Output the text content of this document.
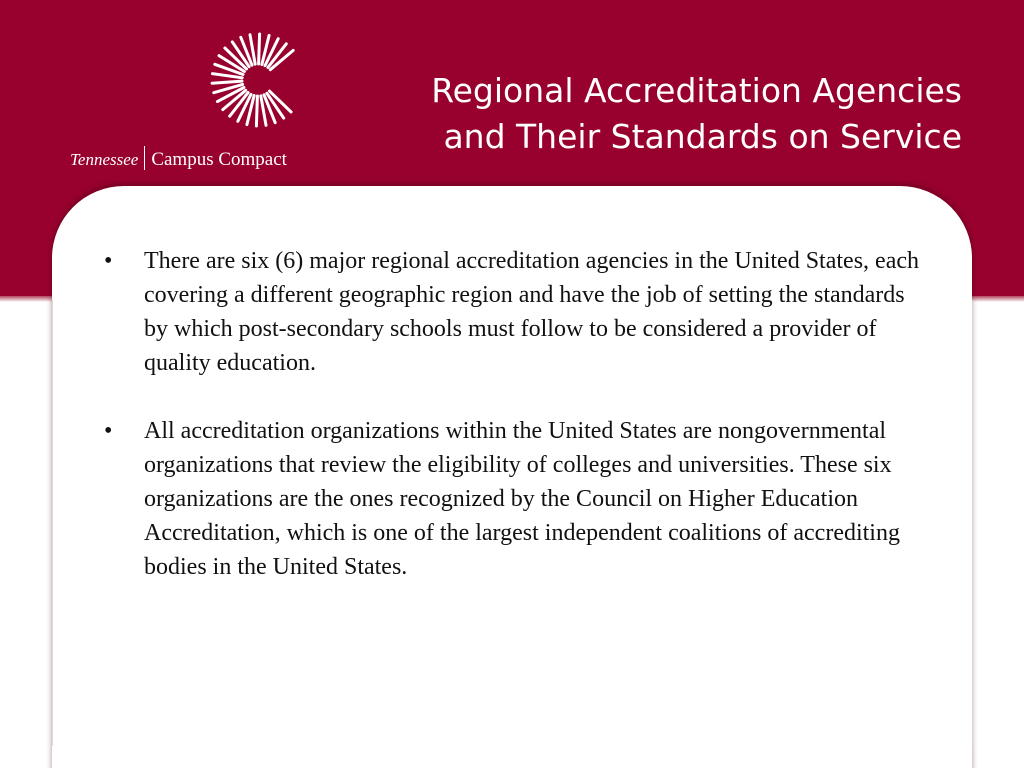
Tennessee Campus Compact
Regional Accreditation Agencies
and Their Standards on Service
• There are six (6) major regional accreditation agencies in the United States, each covering a different geographic region and have the job of setting the standards by which post-secondary schools must follow to be considered a provider of quality education.
• All accreditation organizations within the United States are nongovernmental organizations that review the eligibility of colleges and universities. These six organizations are the ones recognized by the Council on Higher Education Accreditation, which is one of the largest independent coalitions of accrediting bodies in the United States.
